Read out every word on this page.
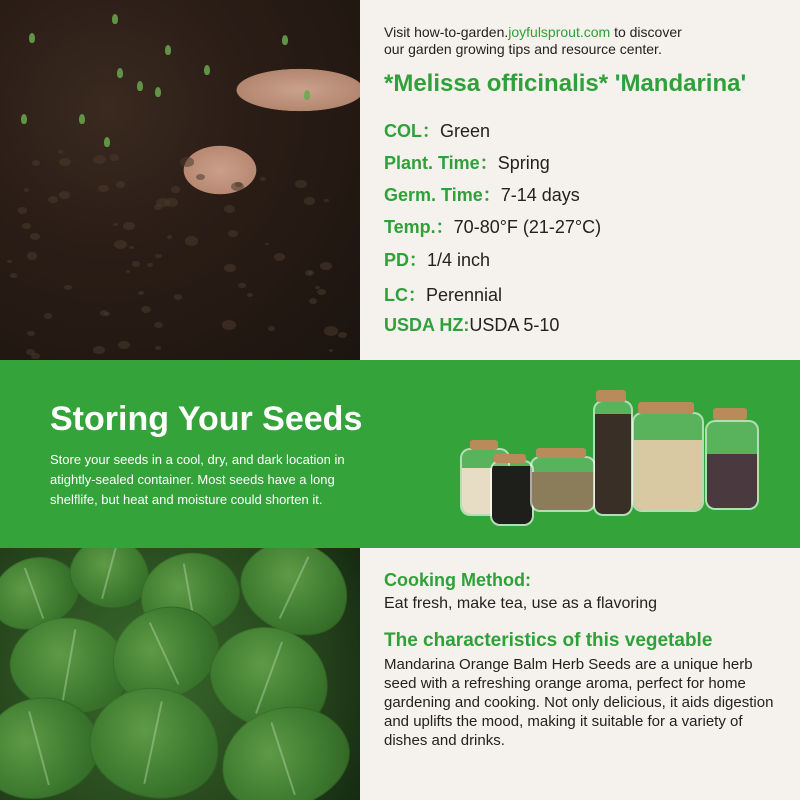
Visit how-to-garden.joyfulsprout.com to discover
our garden growing tips and resource center.
*Melissa officinalis* 'Mandarina'
COL：Green
Plant. Time：Spring
Germ. Time：7-14 days
Temp.：70-80°F (21-27°C)
PD：1/4 inch
LC：Perennial
USDA HZ:USDA 5-10
Storing Your Seeds
Store your seeds in a cool, dry, and dark location in atightly-sealed container. Most seeds have a long shelflife, but heat and moisture could shorten it.
Cooking Method:
Eat fresh, make tea, use as a flavoring
The characteristics of this vegetable
Mandarina Orange Balm Herb Seeds are a unique herb seed with a refreshing orange aroma, perfect for home gardening and cooking. Not only delicious, it aids digestion and uplifts the mood, making it suitable for a variety of dishes and drinks.
